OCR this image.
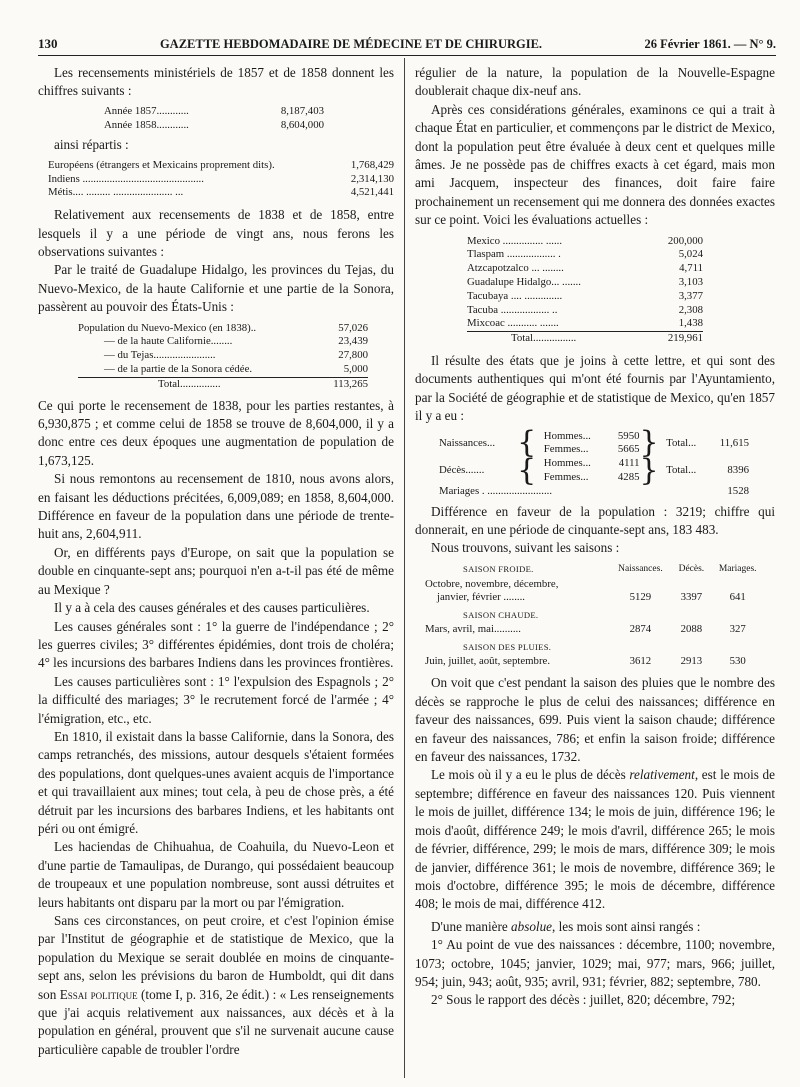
130	GAZETTE HEBDOMADAIRE DE MÉDECINE ET DE CHIRURGIE.	26 Février 1861. — N° 9.

Les recensements ministériels de 1857 et de 1858 donnent les chiffres suivants :

Année 1857............	8,187,403
Année 1858............	8,604,000

ainsi répartis :

Européens (étrangers et Mexicains proprement dits).	1,768,429
Indiens .............................................	2,314,130
Métis.... ......... ...................... ...	4,521,441

Relativement aux recensements de 1838 et de 1858, entre lesquels il y a une période de vingt ans, nous ferons les observations suivantes :

Par le traité de Guadalupe Hidalgo, les provinces du Tejas, du Nuevo-Mexico, de la haute Californie et une partie de la Sonora, passèrent au pouvoir des États-Unis :

Population du Nuevo-Mexico (en 1838)..	57,026
— de la haute Californie........	23,439
— du Tejas.......................	27,800
— de la partie de la Sonora cédée.	5,000
Total...............	113,265

Ce qui porte le recensement de 1838, pour les parties restantes, à 6,930,875 ; et comme celui de 1858 se trouve de 8,604,000, il y a donc entre ces deux époques une augmentation de population de 1,673,125.

Si nous remontons au recensement de 1810, nous avons alors, en faisant les déductions précitées, 6,009,089; en 1858, 8,604,000. Différence en faveur de la population dans une période de trente-huit ans, 2,604,911.

Or, en différents pays d'Europe, on sait que la population se double en cinquante-sept ans; pourquoi n'en a-t-il pas été de même au Mexique ?

Il y a à cela des causes générales et des causes particulières.

Les causes générales sont : 1° la guerre de l'indépendance ; 2° les guerres civiles; 3° différentes épidémies, dont trois de choléra; 4° les incursions des barbares Indiens dans les provinces frontières.

Les causes particulières sont : 1° l'expulsion des Espagnols ; 2° la difficulté des mariages; 3° le recrutement forcé de l'armée ; 4° l'émigration, etc., etc.

En 1810, il existait dans la basse Californie, dans la Sonora, des camps retranchés, des missions, autour desquels s'étaient formées des populations, dont quelques-unes avaient acquis de l'importance et qui travaillaient aux mines; tout cela, à peu de chose près, a été détruit par les incursions des barbares Indiens, et les habitants ont péri ou ont émigré.

Les haciendas de Chihuahua, de Coahuila, du Nuevo-Leon et d'une partie de Tamaulipas, de Durango, qui possédaient beaucoup de troupeaux et une population nombreuse, sont aussi détruites et leurs habitants ont disparu par la mort ou par l'émigration.

Sans ces circonstances, on peut croire, et c'est l'opinion émise par l'Institut de géographie et de statistique de Mexico, que la population du Mexique se serait doublée en moins de cinquante-sept ans, selon les prévisions du baron de Humboldt, qui dit dans son Essai politique (tome I, p. 316, 2e édit.) : « Les renseignements que j'ai acquis relativement aux naissances, aux décès et à la population en général, prouvent que s'il ne survenait aucune cause particulière capable de troubler l'ordre

régulier de la nature, la population de la Nouvelle-Espagne doublerait chaque dix-neuf ans.

Après ces considérations générales, examinons ce qui a trait à chaque État en particulier, et commençons par le district de Mexico, dont la population peut être évaluée à deux cent et quelques mille âmes. Je ne possède pas de chiffres exacts à cet égard, mais mon ami Jacquem, inspecteur des finances, doit faire faire prochainement un recensement qui me donnera des données exactes sur ce point. Voici les évaluations actuelles :

Mexico ............... ......	200,000
Tlaspam .................. .	5,024
Atzcapotzalco ... ........	4,711
Guadalupe Hidalgo... .......	3,103
Tacubaya .... ..............	3,377
Tacuba .................. ..	2,308
Mixcoac ........... .......	1,438
Total................	219,961

Il résulte des états que je joins à cette lettre, et qui sont des documents authentiques qui m'ont été fournis par l'Ayuntamiento, par la Société de géographie et de statistique de Mexico, qu'en 1857 il y a eu :

Naissances...	{	Hommes...	5950	}	Total...	11,615
		Femmes...	5665			
Décès.......	{	Hommes...	4111	}	Total...	8396
		Femmes...	4285			
Mariages . ........................						1528

Différence en faveur de la population : 3219; chiffre qui donnerait, en une période de cinquante-sept ans, 183 483.

Nous trouvons, suivant les saisons :

SAISON FROIDE.	Naissances.	Décès.	Mariages.
Octobre, novembre, décembre,			
janvier, février ........	5129	3397	641
SAISON CHAUDE.			
Mars, avril, mai..........	2874	2088	327
SAISON DES PLUIES.			
Juin, juillet, août, septembre.	3612	2913	530

On voit que c'est pendant la saison des pluies que le nombre des décès se rapproche le plus de celui des naissances; différence en faveur des naissances, 699. Puis vient la saison chaude; différence en faveur des naissances, 786; et enfin la saison froide; différence en faveur des naissances, 1732.

Le mois où il y a eu le plus de décès relativement, est le mois de septembre; différence en faveur des naissances 120. Puis viennent le mois de juillet, différence 134; le mois de juin, différence 196; le mois d'août, différence 249; le mois d'avril, différence 265; le mois de février, différence, 299; le mois de mars, différence 309; le mois de janvier, différence 361; le mois de novembre, différence 369; le mois d'octobre, différence 395; le mois de décembre, différence 408; le mois de mai, différence 412.

D'une manière absolue, les mois sont ainsi rangés :

1° Au point de vue des naissances : décembre, 1100; novembre, 1073; octobre, 1045; janvier, 1029; mai, 977; mars, 966; juillet, 954; juin, 943; août, 935; avril, 931; février, 882; septembre, 780.

2° Sous le rapport des décès : juillet, 820; décembre, 792;
